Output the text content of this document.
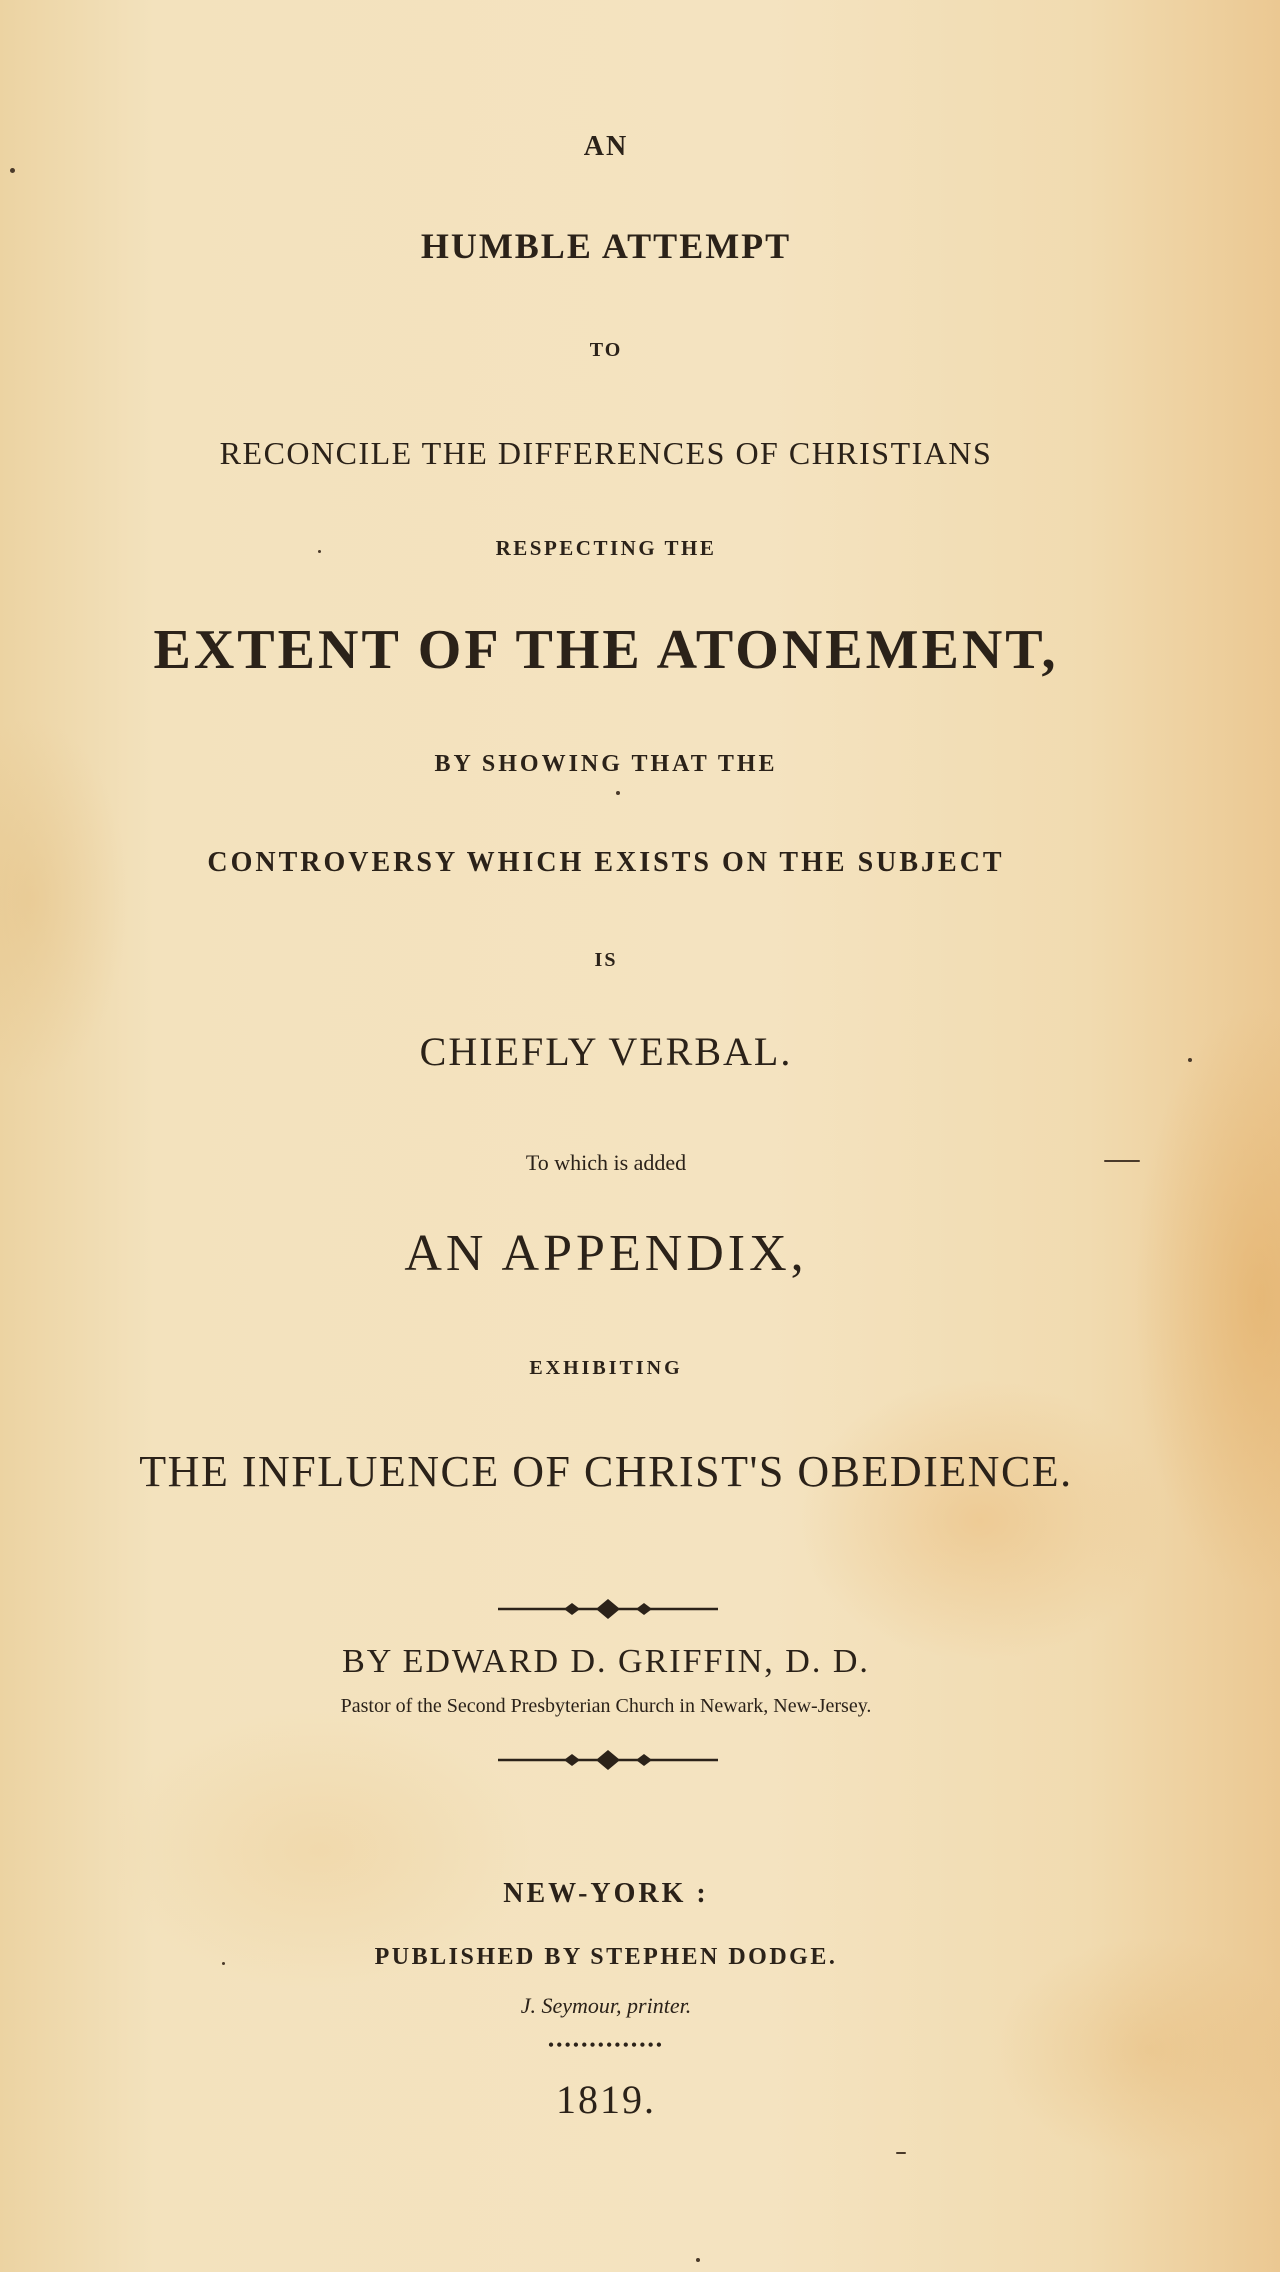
AN

HUMBLE ATTEMPT

TO

RECONCILE THE DIFFERENCES OF CHRISTIANS

RESPECTING THE

EXTENT OF THE ATONEMENT,

BY SHOWING THAT THE

CONTROVERSY WHICH EXISTS ON THE SUBJECT

IS

CHIEFLY VERBAL.

To which is added

AN APPENDIX,

EXHIBITING

THE INFLUENCE OF CHRIST'S OBEDIENCE.

BY EDWARD D. GRIFFIN, D. D.

Pastor of the Second Presbyterian Church in Newark, New-Jersey.

NEW-YORK :

PUBLISHED BY STEPHEN DODGE.

J. Seymour, printer.

••••••••••••••

1819.
